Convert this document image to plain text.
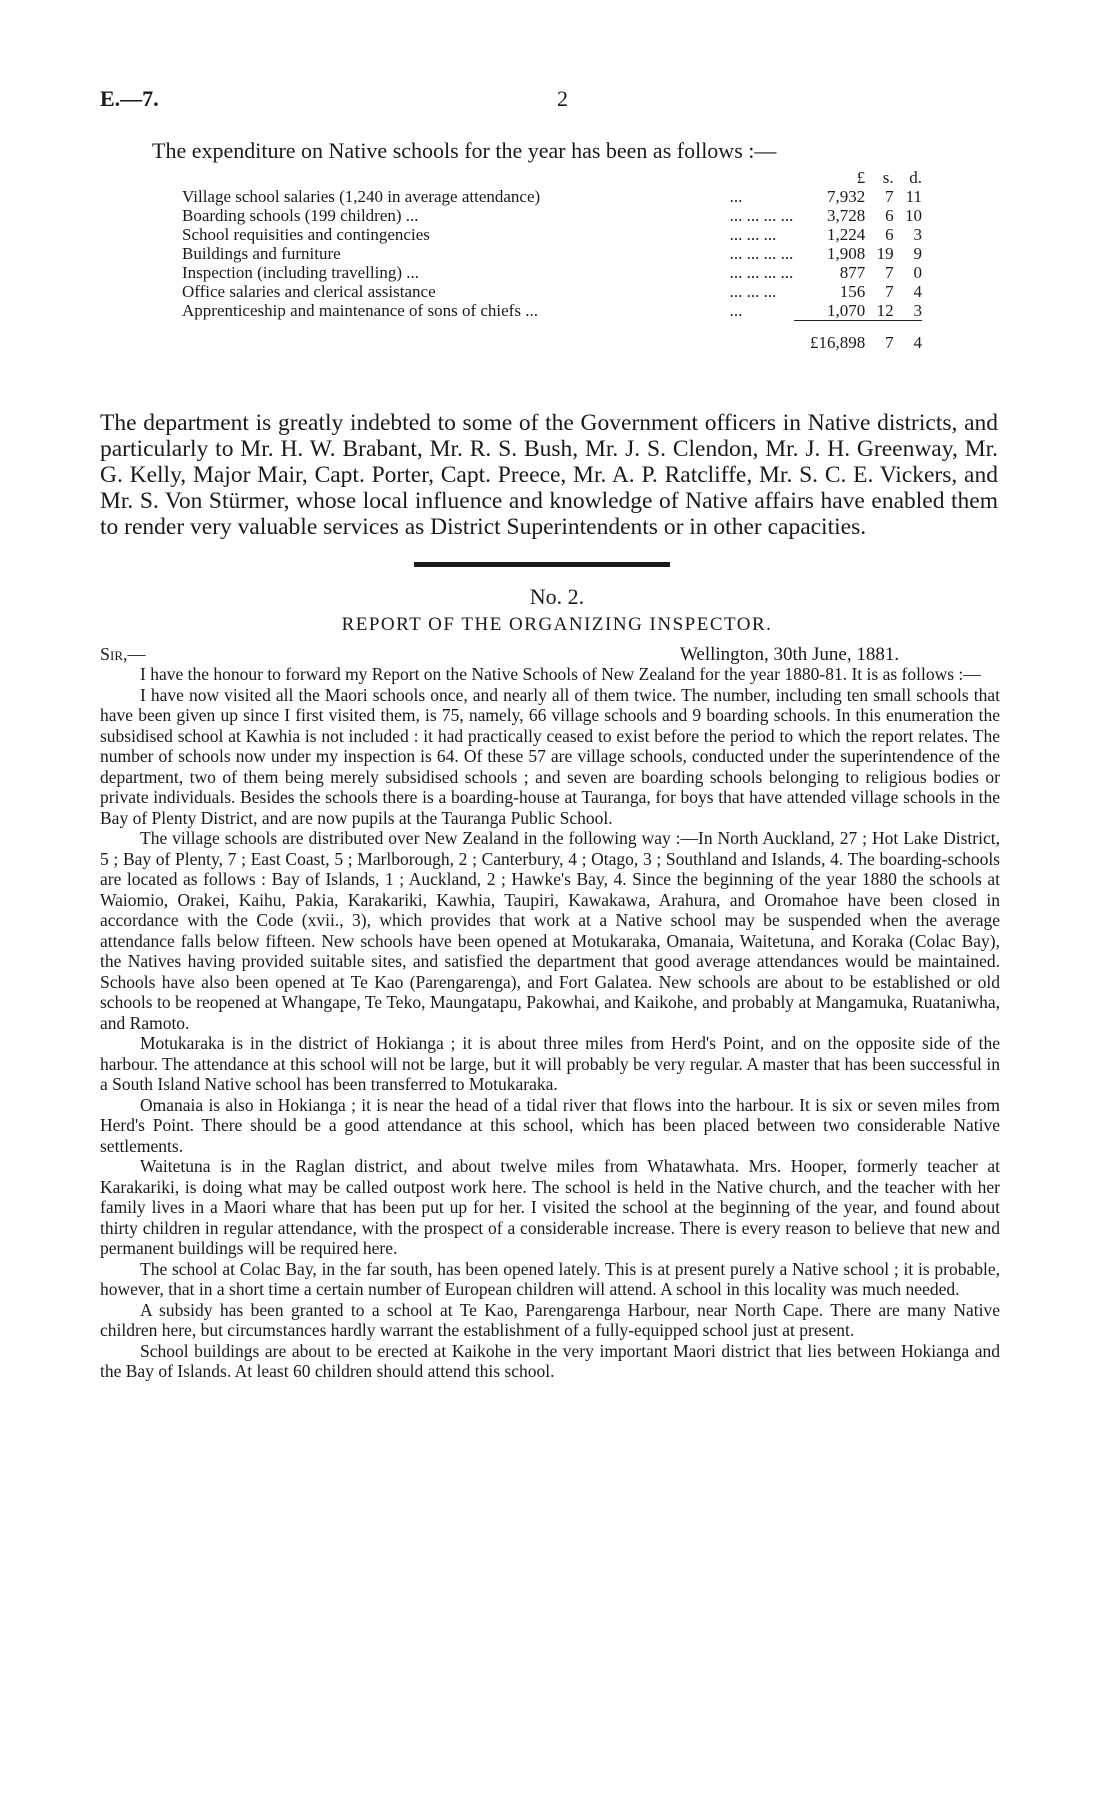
E.—7.	2
The expenditure on Native schools for the year has been as follows :—
		£	s.	d.
Village school salaries (1,240 in average attendance)	...	7,932	7	11
Boarding schools (199 children) ...	... ... ... ...	3,728	6	10
School requisities and contingencies	... ... ...	1,224	6	3
Buildings and furniture	... ... ... ...	1,908	19	9
Inspection (including travelling) ...	... ... ... ...	877	7	0
Office salaries and clerical assistance	... ... ...	156	7	4
Apprenticeship and maintenance of sons of chiefs ...	...	1,070	12	3
		£16,898	7	4

The department is greatly indebted to some of the Government officers in Native districts, and particularly to Mr. H. W. Brabant, Mr. R. S. Bush, Mr. J. S. Clendon, Mr. J. H. Greenway, Mr. G. Kelly, Major Mair, Capt. Porter, Capt. Preece, Mr. A. P. Ratcliffe, Mr. S. C. E. Vickers, and Mr. S. Von Stürmer, whose local influence and knowledge of Native affairs have enabled them to render very valuable services as District Superintendents or in other capacities.

No. 2.
REPORT OF THE ORGANIZING INSPECTOR.
Sir,—	Wellington, 30th June, 1881.

I have the honour to forward my Report on the Native Schools of New Zealand for the year 1880-81. It is as follows :—

I have now visited all the Maori schools once, and nearly all of them twice. The number, including ten small schools that have been given up since I first visited them, is 75, namely, 66 village schools and 9 boarding schools. In this enumeration the subsidised school at Kawhia is not included : it had practically ceased to exist before the period to which the report relates. The number of schools now under my inspection is 64. Of these 57 are village schools, conducted under the superintendence of the department, two of them being merely subsidised schools ; and seven are boarding schools belonging to religious bodies or private individuals. Besides the schools there is a boarding-house at Tauranga, for boys that have attended village schools in the Bay of Plenty District, and are now pupils at the Tauranga Public School.

The village schools are distributed over New Zealand in the following way :—In North Auckland, 27 ; Hot Lake District, 5 ; Bay of Plenty, 7 ; East Coast, 5 ; Marlborough, 2 ; Canterbury, 4 ; Otago, 3 ; Southland and Islands, 4. The boarding-schools are located as follows : Bay of Islands, 1 ; Auckland, 2 ; Hawke's Bay, 4. Since the beginning of the year 1880 the schools at Waiomio, Orakei, Kaihu, Pakia, Karakariki, Kawhia, Taupiri, Kawakawa, Arahura, and Oromahoe have been closed in accordance with the Code (xvii., 3), which provides that work at a Native school may be suspended when the average attendance falls below fifteen. New schools have been opened at Motukaraka, Omanaia, Waitetuna, and Koraka (Colac Bay), the Natives having provided suitable sites, and satisfied the department that good average attendances would be maintained. Schools have also been opened at Te Kao (Parengarenga), and Fort Galatea. New schools are about to be established or old schools to be reopened at Whangape, Te Teko, Maungatapu, Pakowhai, and Kaikohe, and probably at Mangamuka, Ruataniwha, and Ramoto.

Motukaraka is in the district of Hokianga ; it is about three miles from Herd's Point, and on the opposite side of the harbour. The attendance at this school will not be large, but it will probably be very regular. A master that has been successful in a South Island Native school has been transferred to Motukaraka.

Omanaia is also in Hokianga ; it is near the head of a tidal river that flows into the harbour. It is six or seven miles from Herd's Point. There should be a good attendance at this school, which has been placed between two considerable Native settlements.

Waitetuna is in the Raglan district, and about twelve miles from Whatawhata. Mrs. Hooper, formerly teacher at Karakariki, is doing what may be called outpost work here. The school is held in the Native church, and the teacher with her family lives in a Maori whare that has been put up for her. I visited the school at the beginning of the year, and found about thirty children in regular attendance, with the prospect of a considerable increase. There is every reason to believe that new and permanent buildings will be required here.

The school at Colac Bay, in the far south, has been opened lately. This is at present purely a Native school ; it is probable, however, that in a short time a certain number of European children will attend. A school in this locality was much needed.

A subsidy has been granted to a school at Te Kao, Parengarenga Harbour, near North Cape. There are many Native children here, but circumstances hardly warrant the establishment of a fully-equipped school just at present.

School buildings are about to be erected at Kaikohe in the very important Maori district that lies between Hokianga and the Bay of Islands. At least 60 children should attend this school.
